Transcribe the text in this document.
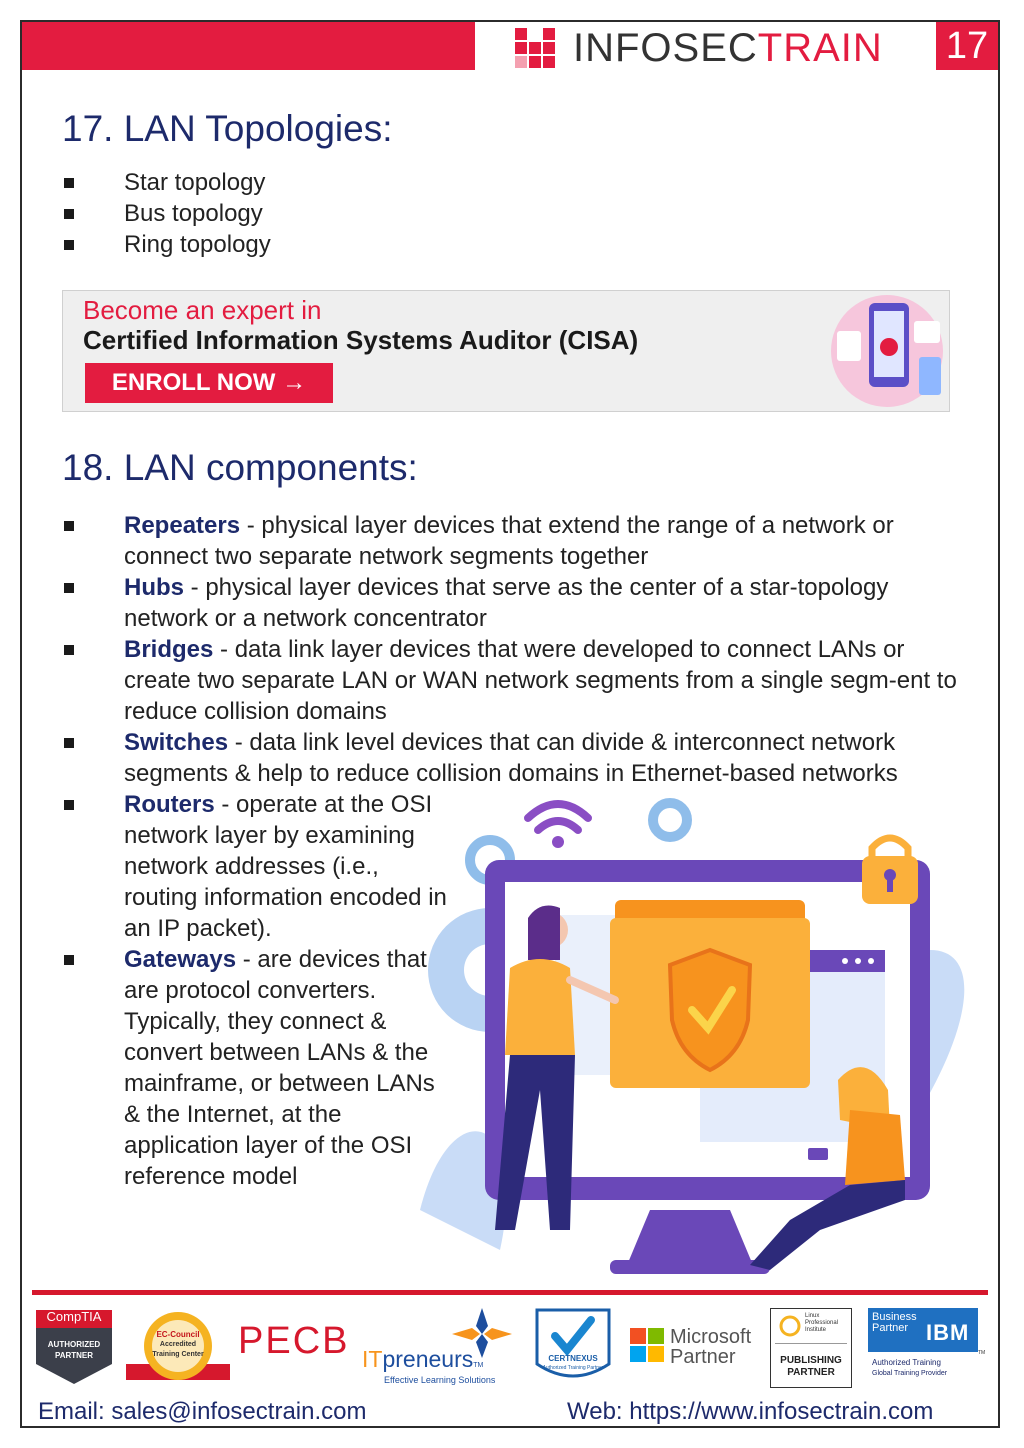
INFOSECTRAIN 17
17. LAN Topologies:
Star topology
Bus topology
Ring topology
Become an expert in
Certified Information Systems Auditor (CISA)
ENROLL NOW →
18. LAN components:
Repeaters - physical layer devices that extend the range of a network or connect two separate network segments together
Hubs - physical layer devices that serve as the center of a star-topology network or a network concentrator
Bridges - data link layer devices that were developed to connect LANs or create two separate LAN or WAN network segments from a single segm-ent to reduce collision domains
Switches - data link level devices that can divide & interconnect network segments & help to reduce collision domains in Ethernet-based networks
Routers - operate at the OSI network layer by examining network addresses (i.e., routing information encoded in an IP packet).
Gateways - are devices that are protocol converters. Typically, they connect & convert between LANs & the mainframe, or between LANs & the Internet, at the application layer of the OSI reference model
CompTIA
AUTHORIZED
PARTNER
EC-Council
Accredited
Training Center PECB ITpreneursTM
Effective Learning Solutions
CERTNEXUS
Authorized Training Partner
Microsoft
Partner
Linux
Professional
Institute
PUBLISHING
PARTNER
Business
Partner IBM
TM
Authorized Training
Global Training Provider
Email: sales@infosectrain.com	Web: https://www.infosectrain.com
